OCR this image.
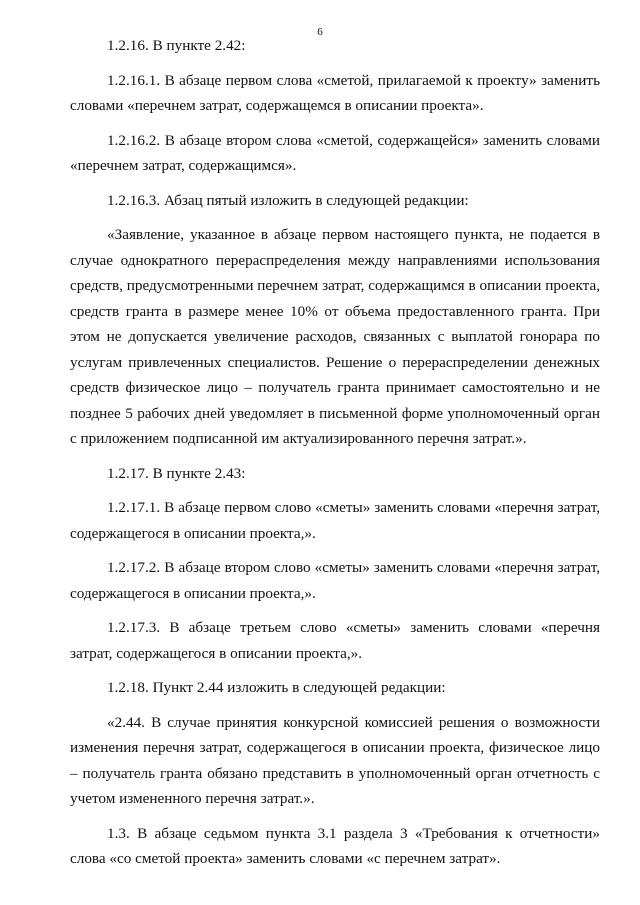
6

1.2.16. В пункте 2.42:

1.2.16.1. В абзаце первом слова «сметой, прилагаемой к проекту» заменить словами «перечнем затрат, содержащемся в описании проекта».

1.2.16.2. В абзаце втором слова «сметой, содержащейся» заменить словами «перечнем затрат, содержащимся».

1.2.16.3. Абзац пятый изложить в следующей редакции:

«Заявление, указанное в абзаце первом настоящего пункта, не подается в случае однократного перераспределения между направлениями использования средств, предусмотренными перечнем затрат, содержащимся в описании проекта, средств гранта в размере менее 10% от объема предоставленного гранта. При этом не допускается увеличение расходов, связанных с выплатой гонорара по услугам привлеченных специалистов. Решение о перераспределении денежных средств физическое лицо – получатель гранта принимает самостоятельно и не позднее 5 рабочих дней уведомляет в письменной форме уполномоченный орган с приложением подписанной им актуализированного перечня затрат.».

1.2.17. В пункте 2.43:

1.2.17.1. В абзаце первом слово «сметы» заменить словами «перечня затрат, содержащегося в описании проекта,».

1.2.17.2. В абзаце втором слово «сметы» заменить словами «перечня затрат, содержащегося в описании проекта,».

1.2.17.3. В абзаце третьем слово «сметы» заменить словами «перечня затрат, содержащегося в описании проекта,».

1.2.18. Пункт 2.44 изложить в следующей редакции:

«2.44. В случае принятия конкурсной комиссией решения о возможности изменения перечня затрат, содержащегося в описании проекта, физическое лицо – получатель гранта обязано представить в уполномоченный орган отчетность с учетом измененного перечня затрат.».

1.3. В абзаце седьмом пункта 3.1 раздела 3 «Требования к отчетности» слова «со сметой проекта» заменить словами «с перечнем затрат».
